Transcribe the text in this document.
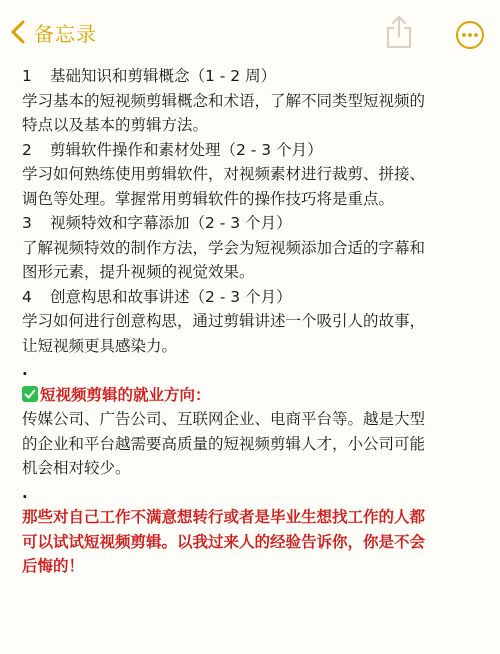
备忘录
1 基础知识和剪辑概念（1 - 2 周）
学习基本的短视频剪辑概念和术语，了解不同类型短视频的
特点以及基本的剪辑方法。
2 剪辑软件操作和素材处理（2 - 3 个月）
学习如何熟练使用剪辑软件，对视频素材进行裁剪、拼接、
调色等处理。掌握常用剪辑软件的操作技巧将是重点。
3 视频特效和字幕添加（2 - 3 个月）
了解视频特效的制作方法，学会为短视频添加合适的字幕和
图形元素，提升视频的视觉效果。
4 创意构思和故事讲述（2 - 3 个月）
学习如何进行创意构思，通过剪辑讲述一个吸引人的故事，
让短视频更具感染力。
.
短视频剪辑的就业方向：
传媒公司、广告公司、互联网企业、电商平台等。越是大型
的企业和平台越需要高质量的短视频剪辑人才，小公司可能
机会相对较少。
.
那些对自己工作不满意想转行或者是毕业生想找工作的人都
可以试试短视频剪辑。以我过来人的经验告诉你，你是不会
后悔的！
